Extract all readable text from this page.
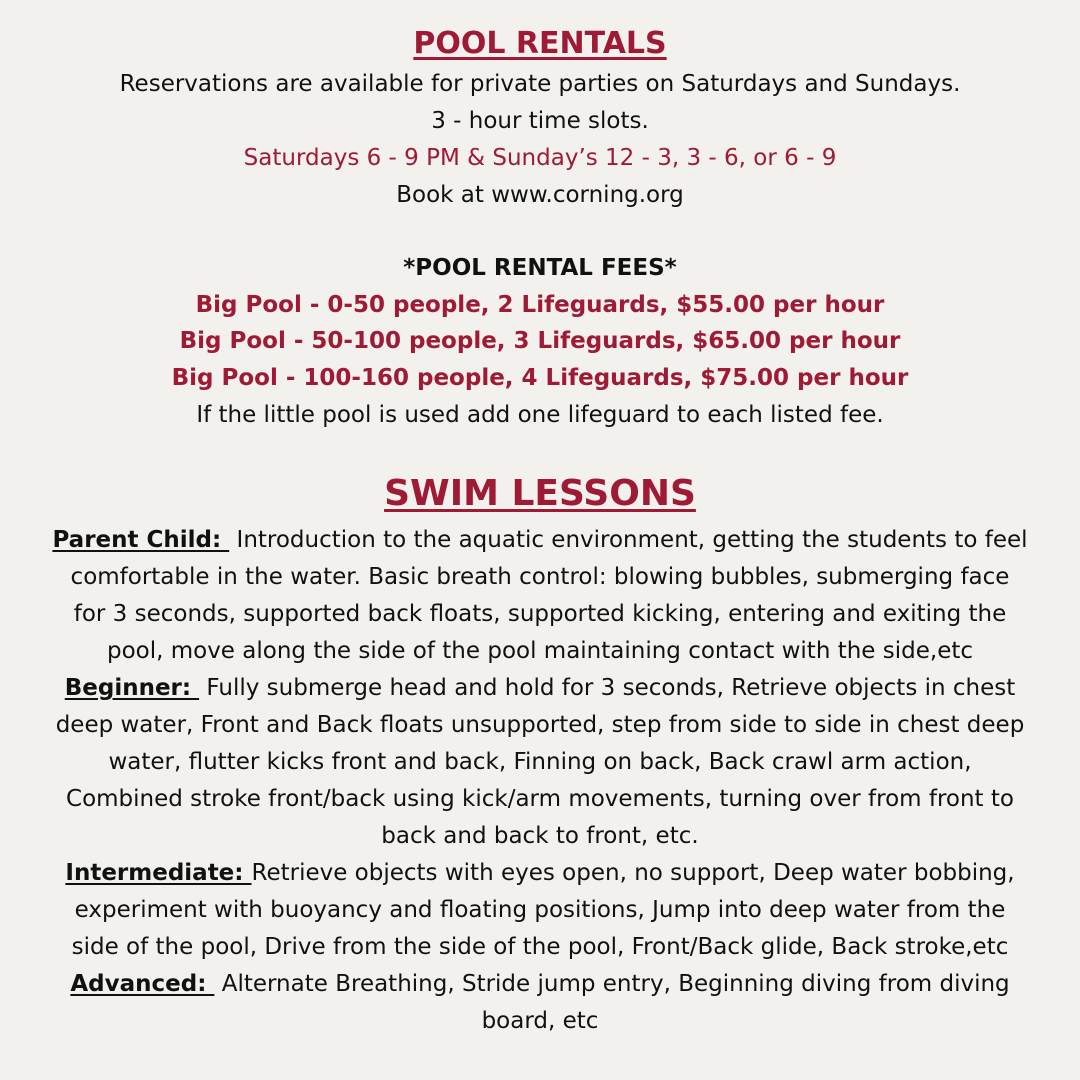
POOL RENTALS
Reservations are available for private parties on Saturdays and Sundays.
3 - hour time slots.
Saturdays 6 - 9 PM & Sunday’s 12 - 3, 3 - 6, or 6 - 9
Book at www.corning.org
*POOL RENTAL FEES*
Big Pool - 0-50 people, 2 Lifeguards, $55.00 per hour
Big Pool - 50-100 people, 3 Lifeguards, $65.00 per hour
Big Pool - 100-160 people, 4 Lifeguards, $75.00 per hour
If the little pool is used add one lifeguard to each listed fee.
SWIM LESSONS
Parent Child:  Introduction to the aquatic environment, getting the students to feel
comfortable in the water. Basic breath control: blowing bubbles, submerging face
for 3 seconds, supported back floats, supported kicking, entering and exiting the
pool, move along the side of the pool maintaining contact with the side,etc
Beginner:  Fully submerge head and hold for 3 seconds, Retrieve objects in chest
deep water, Front and Back floats unsupported, step from side to side in chest deep
water, flutter kicks front and back, Finning on back, Back crawl arm action,
Combined stroke front/back using kick/arm movements, turning over from front to
back and back to front, etc.
Intermediate: Retrieve objects with eyes open, no support, Deep water bobbing,
experiment with buoyancy and floating positions, Jump into deep water from the
side of the pool, Drive from the side of the pool, Front/Back glide, Back stroke,etc
Advanced:  Alternate Breathing, Stride jump entry, Beginning diving from diving
board, etc
